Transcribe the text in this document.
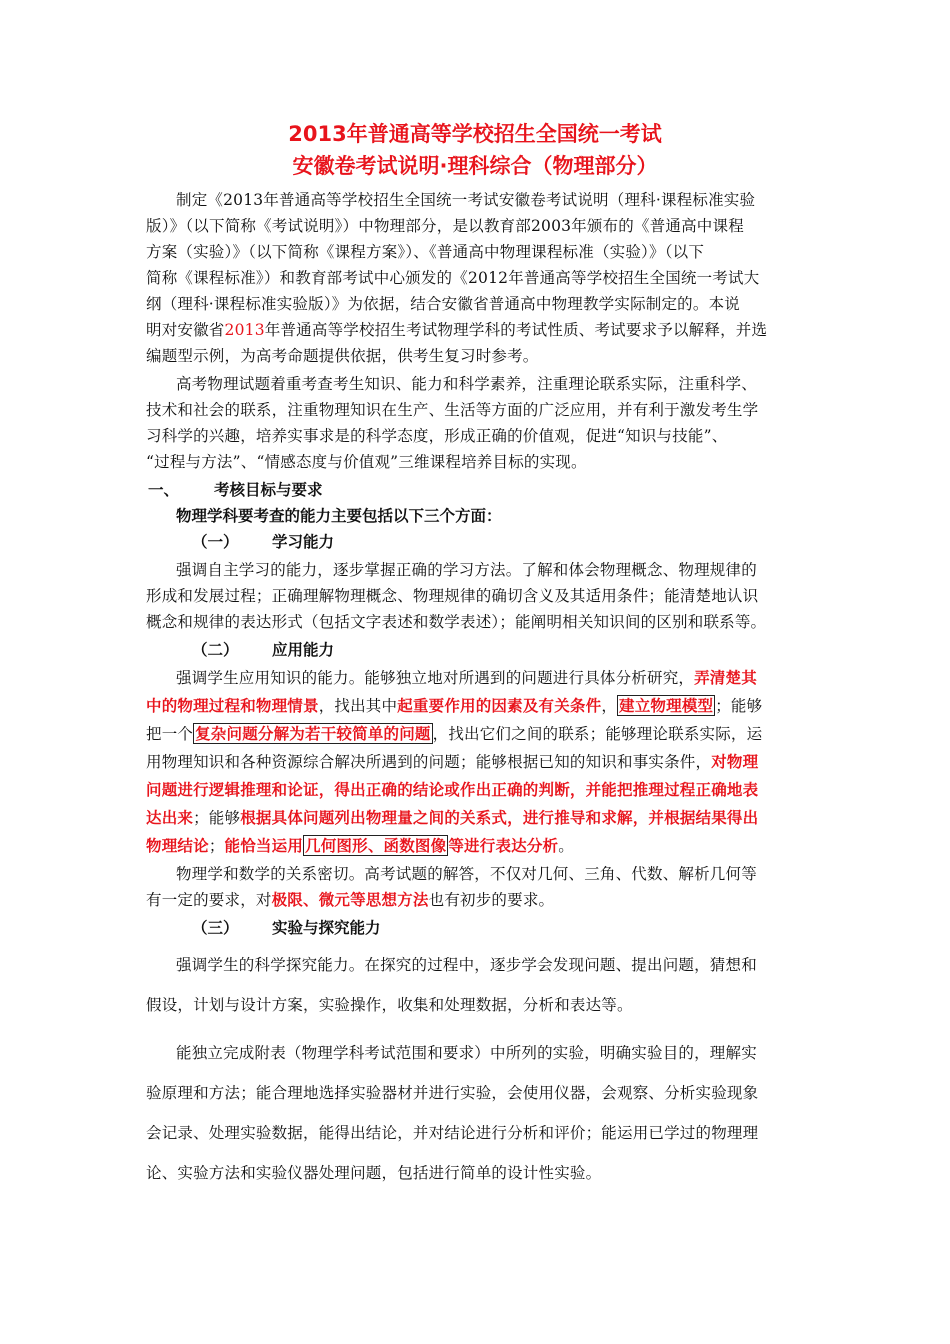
2013年普通高等学校招生全国统一考试
安徽卷考试说明·理科综合（物理部分）
制定《2013年普通高等学校招生全国统一考试安徽卷考试说明（理科·课程标准实验
版）》（以下简称《考试说明》）中物理部分，是以教育部2003年颁布的《普通高中课程
方案（实验）》（以下简称《课程方案》）、《普通高中物理课程标准（实验）》（以下
简称《课程标准》）和教育部考试中心颁发的《2012年普通高等学校招生全国统一考试大
纲（理科·课程标准实验版）》为依据，结合安徽省普通高中物理教学实际制定的。本说
明对安徽省2013年普通高等学校招生考试物理学科的考试性质、考试要求予以解释，并选
编题型示例，为高考命题提供依据，供考生复习时参考。
高考物理试题着重考查考生知识、能力和科学素养，注重理论联系实际，注重科学、
技术和社会的联系，注重物理知识在生产、生活等方面的广泛应用，并有利于激发考生学
习科学的兴趣，培养实事求是的科学态度，形成正确的价值观，促进“知识与技能”、
“过程与方法”、“情感态度与价值观”三维课程培养目标的实现。
一、 考核目标与要求
物理学科要考查的能力主要包括以下三个方面：
（一） 学习能力
强调自主学习的能力，逐步掌握正确的学习方法。了解和体会物理概念、物理规律的
形成和发展过程；正确理解物理概念、物理规律的确切含义及其适用条件；能清楚地认识
概念和规律的表达形式（包括文字表述和数学表述）；能阐明相关知识间的区别和联系等。
（二） 应用能力
强调学生应用知识的能力。能够独立地对所遇到的问题进行具体分析研究，弄清楚其
中的物理过程和物理情景，找出其中起重要作用的因素及有关条件， 建立物理模型 ；能够
把一个 复杂问题分解为若干较简单的问题 ，找出它们之间的联系；能够理论联系实际，运
用物理知识和各种资源综合解决所遇到的问题；能够根据已知的知识和事实条件，对物理
问题进行逻辑推理和论证，得出正确的结论或作出正确的判断，并能把推理过程正确地表
达出来；能够根据具体问题列出物理量之间的关系式，进行推导和求解，并根据结果得出
物理结论；能恰当运用 几何图形、函数图像 等进行表达分析。
物理学和数学的关系密切。高考试题的解答，不仅对几何、三角、代数、解析几何等
有一定的要求，对极限、微元等思想方法也有初步的要求。
（三） 实验与探究能力
强调学生的科学探究能力。在探究的过程中，逐步学会发现问题、提出问题，猜想和
假设，计划与设计方案，实验操作，收集和处理数据，分析和表达等。
能独立完成附表（物理学科考试范围和要求）中所列的实验，明确实验目的，理解实
验原理和方法；能合理地选择实验器材并进行实验，会使用仪器，会观察、分析实验现象
会记录、处理实验数据，能得出结论，并对结论进行分析和评价；能运用已学过的物理理
论、实验方法和实验仪器处理问题，包括进行简单的设计性实验。
